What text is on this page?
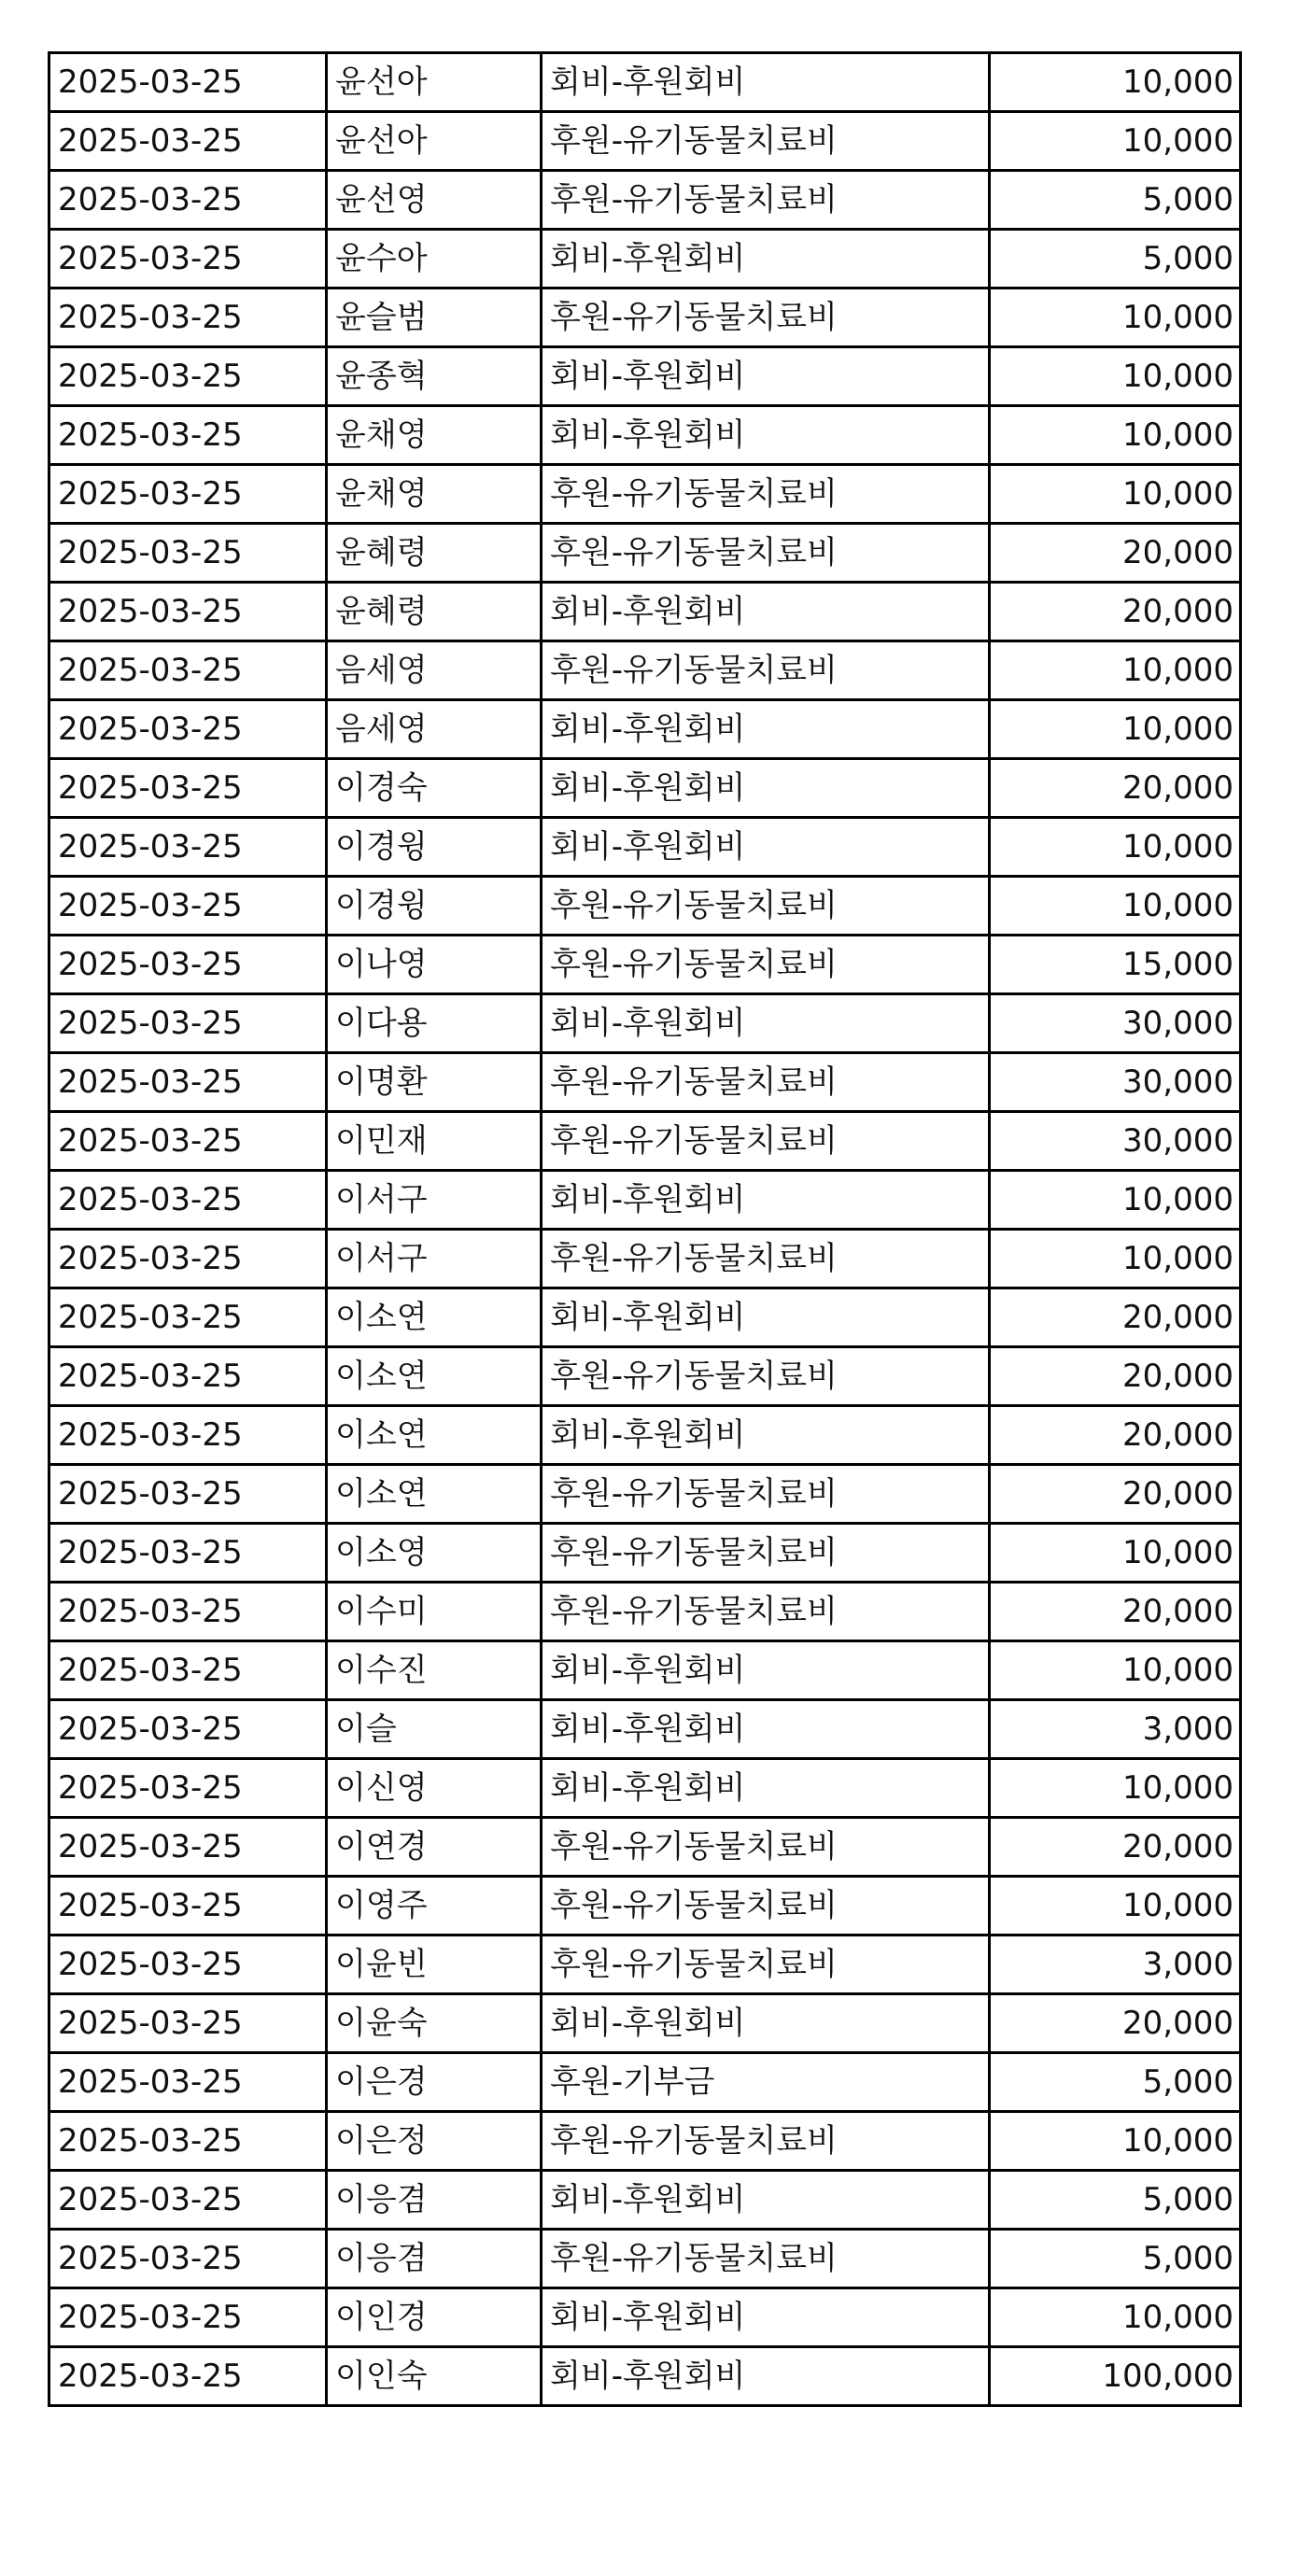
2025-03-25	윤선아	회비-후원회비	10,000
2025-03-25	윤선아	후원-유기동물치료비	10,000
2025-03-25	윤선영	후원-유기동물치료비	5,000
2025-03-25	윤수아	회비-후원회비	5,000
2025-03-25	윤슬범	후원-유기동물치료비	10,000
2025-03-25	윤종혁	회비-후원회비	10,000
2025-03-25	윤채영	회비-후원회비	10,000
2025-03-25	윤채영	후원-유기동물치료비	10,000
2025-03-25	윤혜령	후원-유기동물치료비	20,000
2025-03-25	윤혜령	회비-후원회비	20,000
2025-03-25	음세영	후원-유기동물치료비	10,000
2025-03-25	음세영	회비-후원회비	10,000
2025-03-25	이경숙	회비-후원회비	20,000
2025-03-25	이경윙	회비-후원회비	10,000
2025-03-25	이경윙	후원-유기동물치료비	10,000
2025-03-25	이나영	후원-유기동물치료비	15,000
2025-03-25	이다용	회비-후원회비	30,000
2025-03-25	이명환	후원-유기동물치료비	30,000
2025-03-25	이민재	후원-유기동물치료비	30,000
2025-03-25	이서구	회비-후원회비	10,000
2025-03-25	이서구	후원-유기동물치료비	10,000
2025-03-25	이소연	회비-후원회비	20,000
2025-03-25	이소연	후원-유기동물치료비	20,000
2025-03-25	이소연	회비-후원회비	20,000
2025-03-25	이소연	후원-유기동물치료비	20,000
2025-03-25	이소영	후원-유기동물치료비	10,000
2025-03-25	이수미	후원-유기동물치료비	20,000
2025-03-25	이수진	회비-후원회비	10,000
2025-03-25	이슬	회비-후원회비	3,000
2025-03-25	이신영	회비-후원회비	10,000
2025-03-25	이연경	후원-유기동물치료비	20,000
2025-03-25	이영주	후원-유기동물치료비	10,000
2025-03-25	이윤빈	후원-유기동물치료비	3,000
2025-03-25	이윤숙	회비-후원회비	20,000
2025-03-25	이은경	후원-기부금	5,000
2025-03-25	이은정	후원-유기동물치료비	10,000
2025-03-25	이응겸	회비-후원회비	5,000
2025-03-25	이응겸	후원-유기동물치료비	5,000
2025-03-25	이인경	회비-후원회비	10,000
2025-03-25	이인숙	회비-후원회비	100,000
